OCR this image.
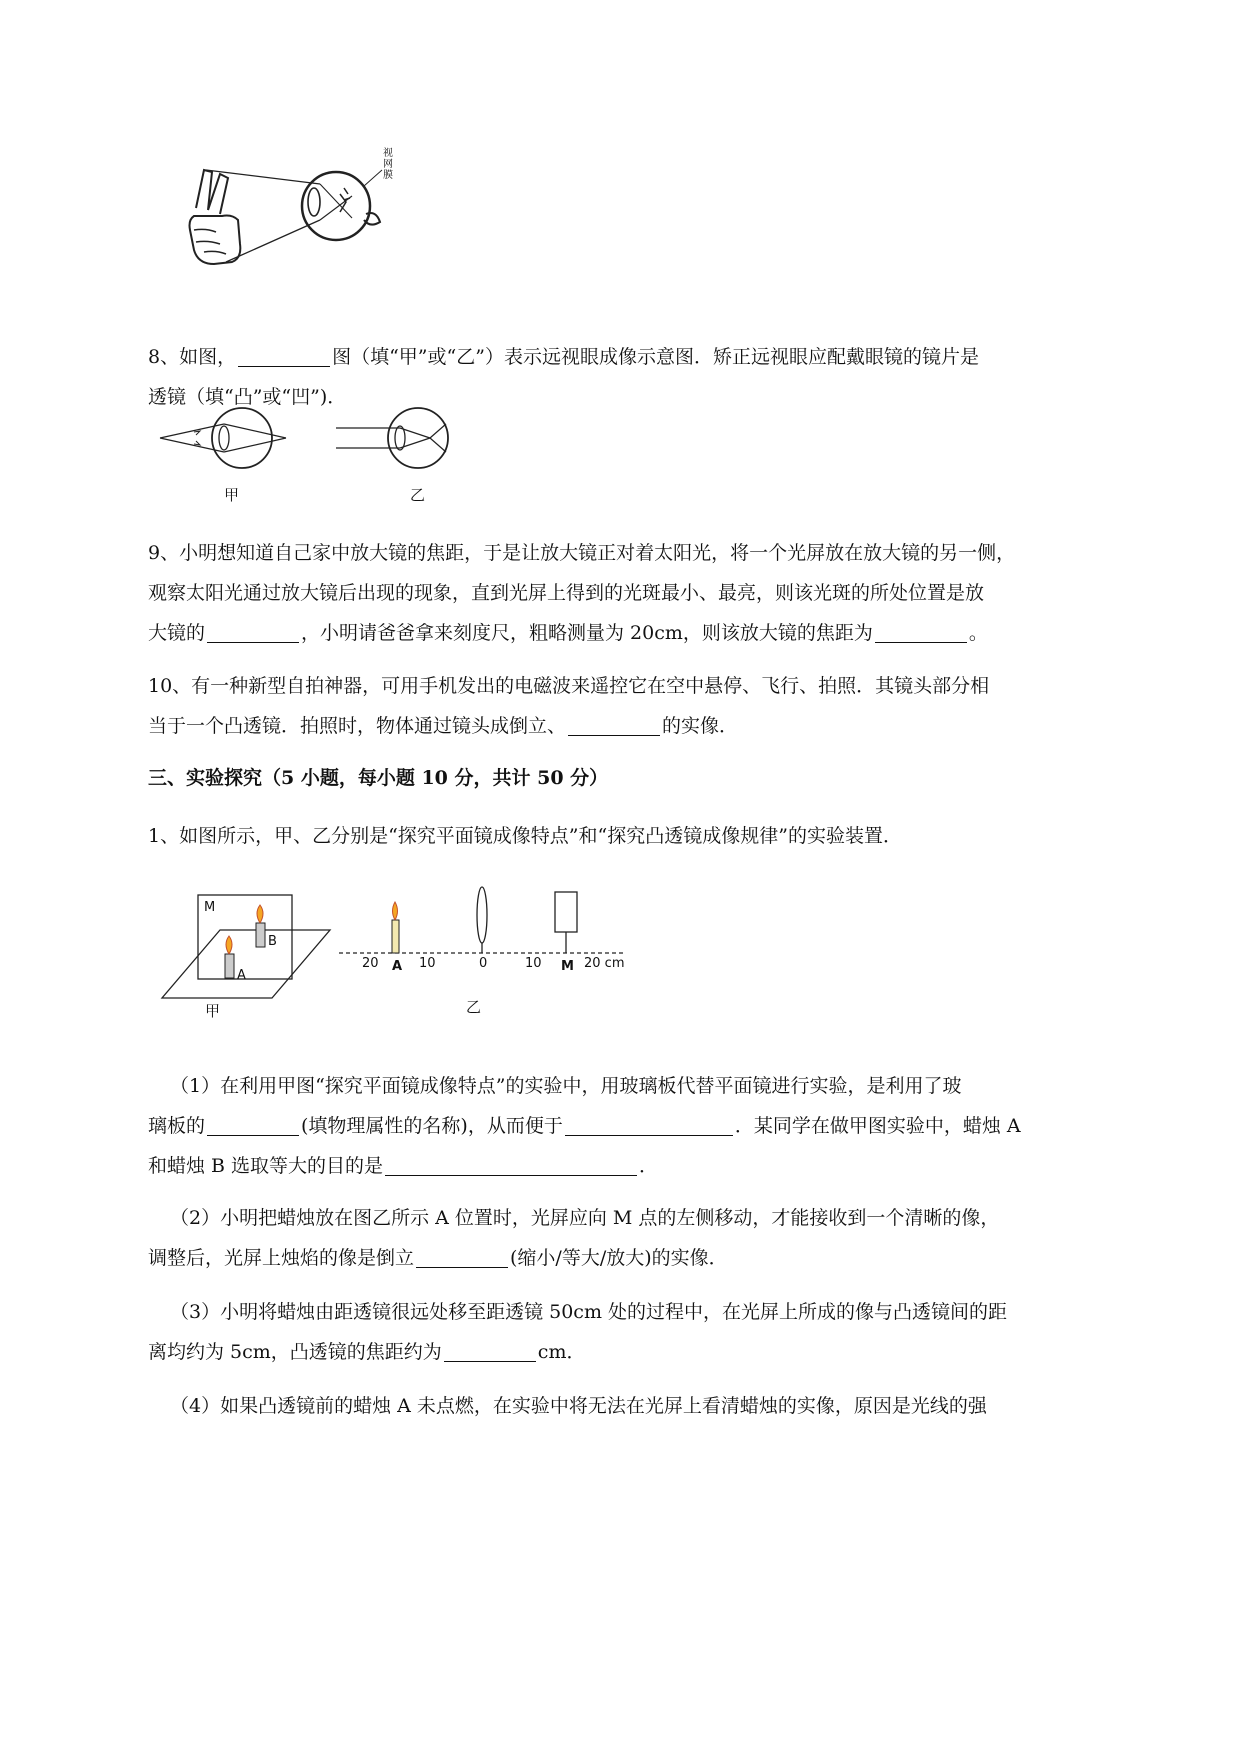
视网膜

8、如图，	图（填“甲”或“乙”）表示远视眼成像示意图．矫正远视眼应配戴眼镜的镜片是
透镜（填“凸”或“凹”)．

甲	乙

9、小明想知道自己家中放大镜的焦距，于是让放大镜正对着太阳光，将一个光屏放在放大镜的另一侧，
观察太阳光通过放大镜后出现的现象，直到光屏上得到的光斑最小、最亮，则该光斑的所处位置是放
大镜的	，小明请爸爸拿来刻度尺，粗略测量为 20cm，则该放大镜的焦距为	。

10、有一种新型自拍神器，可用手机发出的电磁波来遥控它在空中悬停、飞行、拍照．其镜头部分相
当于一个凸透镜．拍照时，物体通过镜头成倒立、	的实像．

三、实验探究（5 小题，每小题 10 分，共计 50 分）

1、如图所示，甲、乙分别是“探究平面镜成像特点”和“探究凸透镜成像规律”的实验装置．

M
B
A
甲
20 A 10	0	10 M 20 cm
乙

（1）在利用甲图“探究平面镜成像特点”的实验中，用玻璃板代替平面镜进行实验，是利用了玻

璃板的	(填物理属性的名称)，从而便于	．某同学在做甲图实验中，蜡烛 A
和蜡烛 B 选取等大的目的是	．

（2）小明把蜡烛放在图乙所示 A 位置时，光屏应向 M 点的左侧移动，才能接收到一个清晰的像，

调整后，光屏上烛焰的像是倒立	(缩小/等大/放大)的实像．

（3）小明将蜡烛由距透镜很远处移至距透镜 50cm 处的过程中，在光屏上所成的像与凸透镜间的距

离均约为 5cm，凸透镜的焦距约为	cm．

（4）如果凸透镜前的蜡烛 A 未点燃，在实验中将无法在光屏上看清蜡烛的实像，原因是光线的强
